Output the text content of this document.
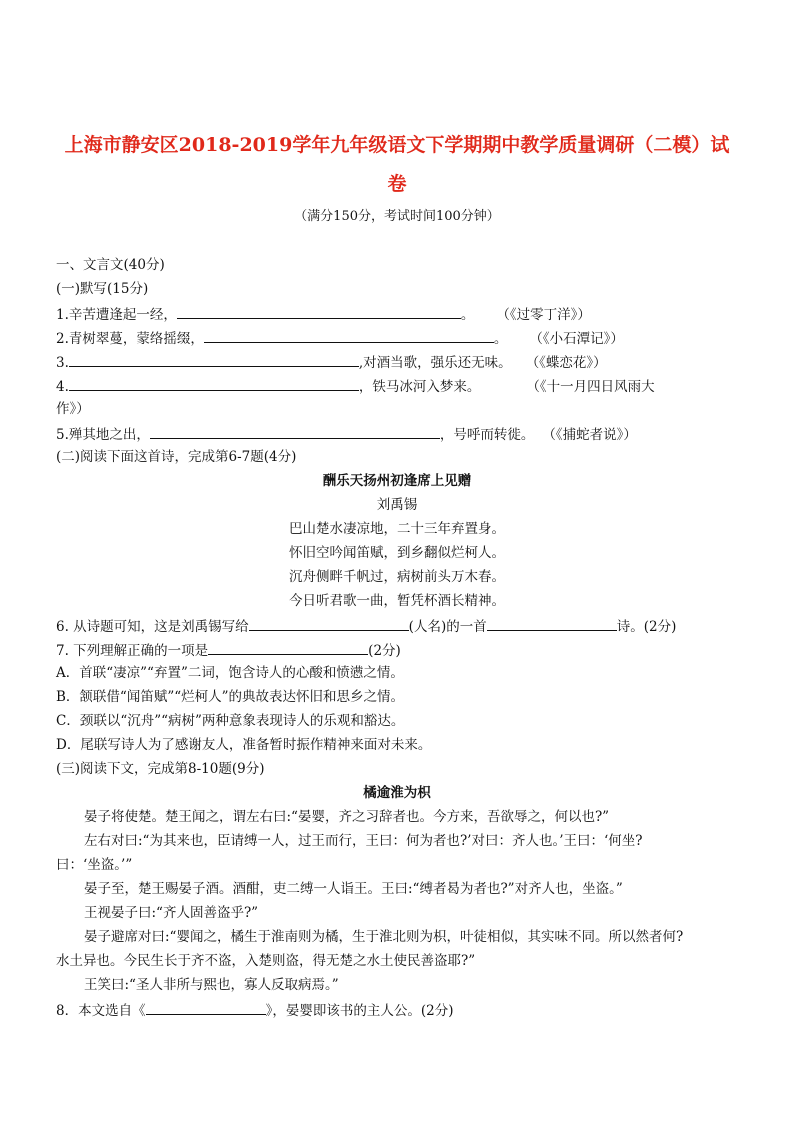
上海市静安区2018-2019学年九年级语文下学期期中教学质量调研（二模）试
卷
（满分150分，考试时间100分钟）
一、文言文(40分)
(一)默写(15分)
1.辛苦遭逢起一经，	。 （《过零丁洋》）
2.青树翠蔓，蒙络摇缀，	。 （《小石潭记》）
3.	,对酒当歌，强乐还无味。 （《蝶恋花》）
4.	，铁马冰河入梦来。	（《十一月四日风雨大
作》）
5.殚其地之出，	，号呼而转徙。 （《捕蛇者说》）
(二)阅读下面这首诗，完成第6-7题(4分)
酬乐天扬州初逢席上见赠
刘禹锡
巴山楚水凄凉地，二十三年弃置身。
怀旧空吟闻笛赋，到乡翻似烂柯人。
沉舟侧畔千帆过，病树前头万木春。
今日听君歌一曲，暂凭杯酒长精神。
6. 从诗题可知，这是刘禹锡写给	(人名)的一首	诗。(2分)
7. 下列理解正确的一项是	(2分)
A．首联“凄凉”“弃置”二词，饱含诗人的心酸和愤懑之情。
B．颔联借“闻笛赋”“烂柯人”的典故表达怀旧和思乡之情。
C．颈联以“沉舟”“病树”两种意象表现诗人的乐观和豁达。
D．尾联写诗人为了感谢友人，准备暂时振作精神来面对未来。
(三)阅读下文，完成第8-10题(9分)
橘逾淮为枳
晏子将使楚。楚王闻之，谓左右曰:“晏婴，齐之习辞者也。今方来，吾欲辱之，何以也?”
左右对曰:“为其来也，臣请缚一人，过王而行，王曰：何为者也?’对曰：齐人也。’王曰：‘何坐?
曰：‘坐盗。’”
晏子至，楚王赐晏子酒。酒酣，吏二缚一人诣王。王曰:“缚者曷为者也?”对齐人也，坐盗。”
王视晏子曰:“齐人固善盗乎?”
晏子避席对曰:“婴闻之，橘生于淮南则为橘，生于淮北则为枳，叶徒相似，其实味不同。所以然者何?
水土异也。今民生长于齐不盗，入楚则盗，得无楚之水土使民善盗耶?”
王笑曰:“圣人非所与熙也，寡人反取病焉。”
8．本文选自《	》，晏婴即该书的主人公。(2分)
